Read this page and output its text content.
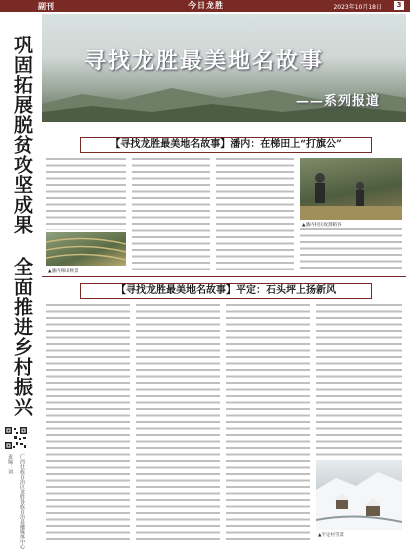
副刊	今日龙胜	2023年10月18日	3
巩固拓展脱贫攻坚成果
全面推进乡村振兴
责编：刘 广西壮族自治区龙胜各族自治县融媒体中心
寻找龙胜最美地名故事
——系列报道
【寻找龙胜最美地名故事】潘内：在梯田上“打旗公”
▲潘内梯田秋景
▲潘内村民收割稻谷
【寻找龙胜最美地名故事】平定：石头坪上扬新风
▲平定村雪景
